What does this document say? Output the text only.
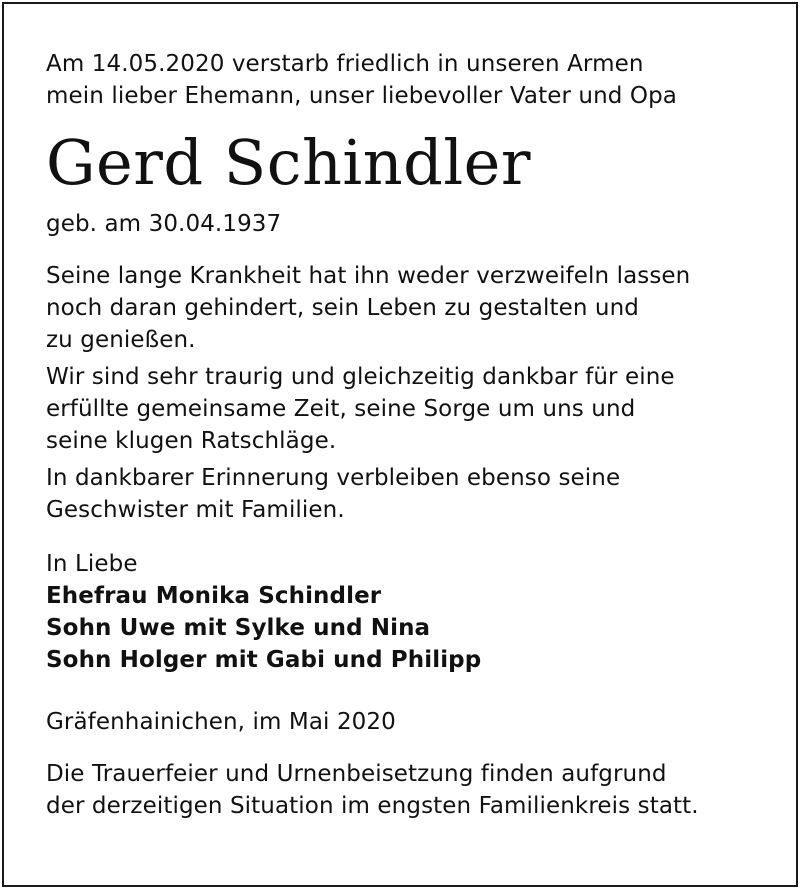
Am 14.05.2020 verstarb friedlich in unseren Armen
mein lieber Ehemann, unser liebevoller Vater und Opa
Gerd Schindler
geb. am 30.04.1937
Seine lange Krankheit hat ihn weder verzweifeln lassen
noch daran gehindert, sein Leben zu gestalten und
zu genießen.
Wir sind sehr traurig und gleichzeitig dankbar für eine
erfüllte gemeinsame Zeit, seine Sorge um uns und
seine klugen Ratschläge.
In dankbarer Erinnerung verbleiben ebenso seine
Geschwister mit Familien.
In Liebe
Ehefrau Monika Schindler
Sohn Uwe mit Sylke und Nina
Sohn Holger mit Gabi und Philipp
Gräfenhainichen, im Mai 2020
Die Trauerfeier und Urnenbeisetzung finden aufgrund
der derzeitigen Situation im engsten Familienkreis statt.
